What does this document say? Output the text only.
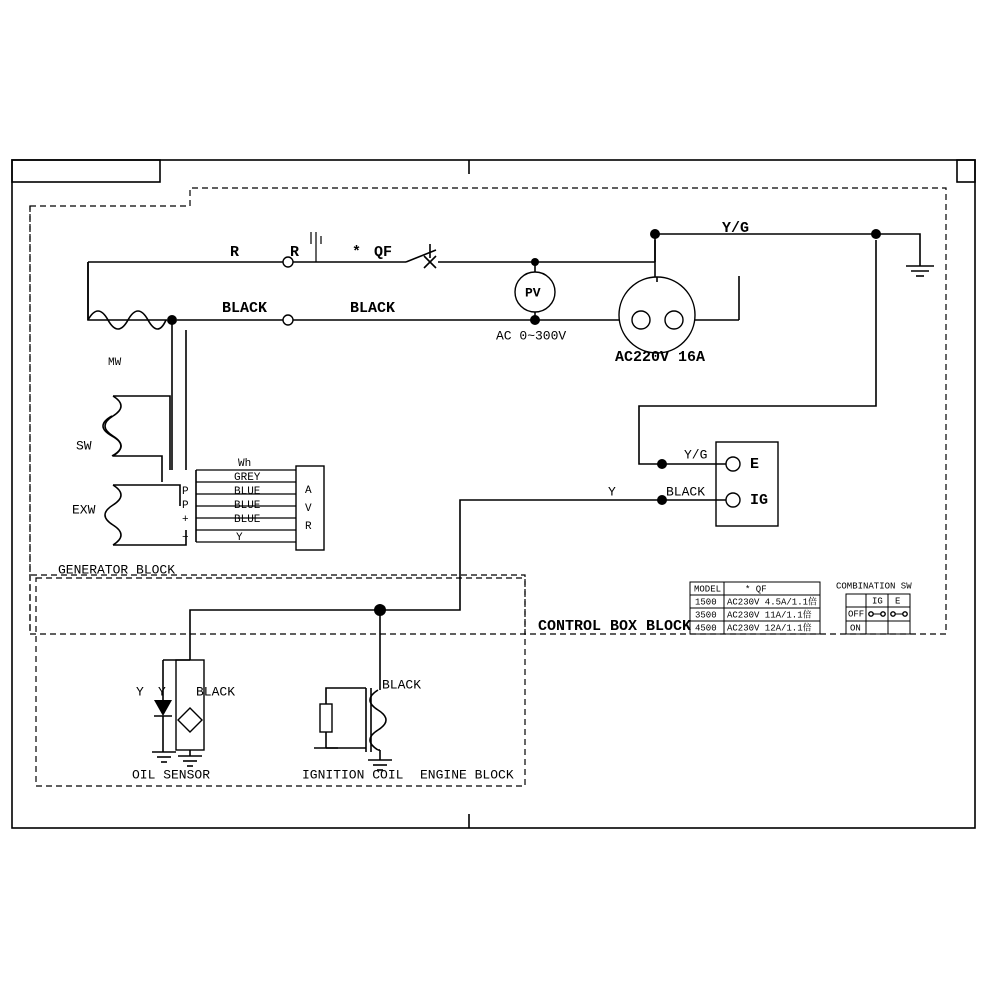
R	R	* QF
Y/G
PV
BLACK	BLACK
AC 0~300V
AC220V 16A
MW
SW
EXW
A
V
R
Wh
GREY
BLUE
BLUE
BLUE
Y
P
P
+
−
GENERATOR BLOCK
E
IG
Y/G
Y	BLACK
CONTROL BOX BLOCK
Y Y BLACK
OIL SENSOR
BLACK
IGNITION COIL ENGINE BLOCK
MODEL	* QF
1500 AC230V 4.5A/1.1倍
3500 AC230V 11A/1.1倍
4500 AC230V 12A/1.1倍
COMBINATION SW
IG E
OFF
ON
